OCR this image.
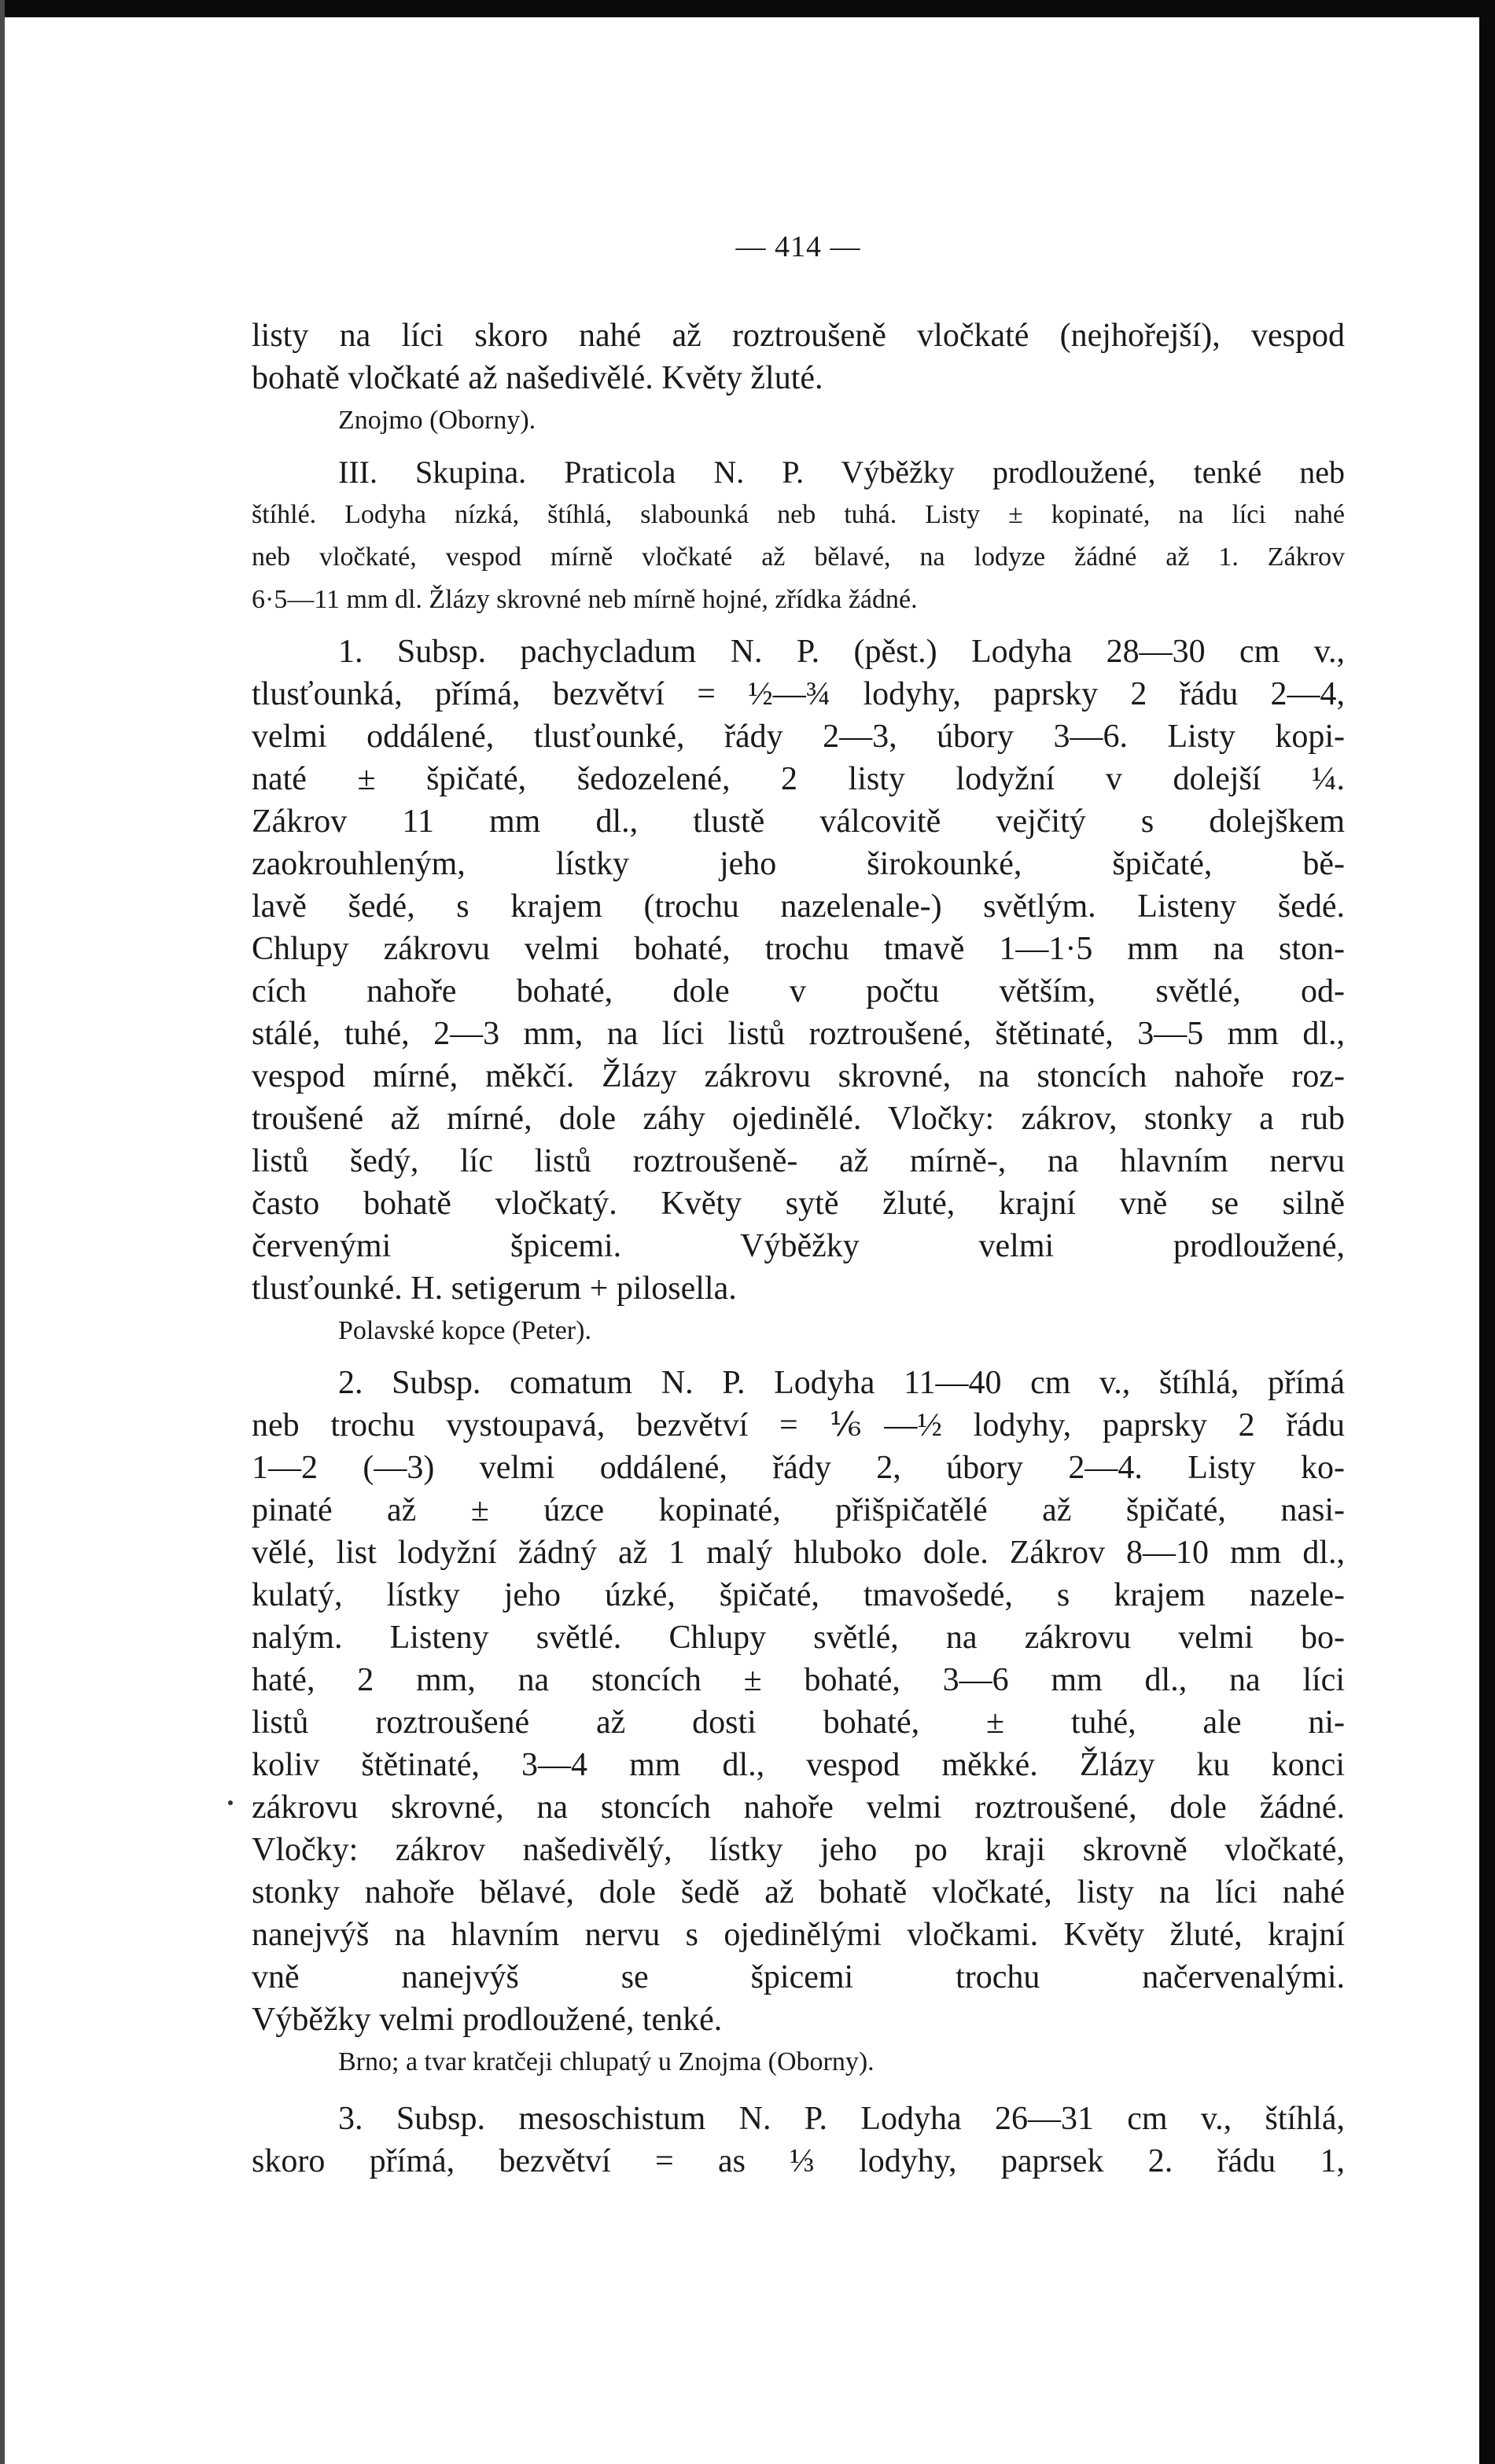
— 414 —
listy na líci skoro nahé až roztroušeně vločkaté (nejhořejší), vespod
bohatě vločkaté až našedivělé. Květy žluté.
Znojmo (Oborny).
III. Skupina. Praticola N. P. Výběžky prodloužené, tenké neb
štíhlé. Lodyha nízká, štíhlá, slabounká neb tuhá. Listy ± kopinaté, na líci nahé
neb vločkaté, vespod mírně vločkaté až bělavé, na lodyze žádné až 1. Zákrov
6·5—11 mm dl. Žlázy skrovné neb mírně hojné, zřídka žádné.
1. Subsp. pachycladum N. P. (pěst.) Lodyha 28—30 cm v.,
tlusťounká, přímá, bezvětví = ½—¾ lodyhy, paprsky 2 řádu 2—4,
velmi oddálené, tlusťounké, řády 2—3, úbory 3—6. Listy kopi-
naté ± špičaté, šedozelené, 2 listy lodyžní v dolejší ¼.
Zákrov 11 mm dl., tlustě válcovitě vejčitý s dolejškem
zaokrouhleným, lístky jeho širokounké, špičaté, bě-
lavě šedé, s krajem (trochu nazelenale-) světlým. Listeny šedé.
Chlupy zákrovu velmi bohaté, trochu tmavě 1—1·5 mm na ston-
cích nahoře bohaté, dole v počtu větším, světlé, od-
stálé, tuhé, 2—3 mm, na líci listů roztroušené, štětinaté, 3—5 mm dl.,
vespod mírné, měkčí. Žlázy zákrovu skrovné, na stoncích nahoře roz-
troušené až mírné, dole záhy ojedinělé. Vločky: zákrov, stonky a rub
listů šedý, líc listů roztroušeně- až mírně-, na hlavním nervu
často bohatě vločkatý. Květy sytě žluté, krajní vně se silně
červenými špicemi. Výběžky velmi prodloužené,
tlusťounké. H. setigerum + pilosella.
Polavské kopce (Peter).
2. Subsp. comatum N. P. Lodyha 11—40 cm v., štíhlá, přímá
neb trochu vystoupavá, bezvětví = ⅙—½ lodyhy, paprsky 2 řádu
1—2 (—3) velmi oddálené, řády 2, úbory 2—4. Listy ko-
pinaté až ± úzce kopinaté, přišpičatělé až špičaté, nasi-
vělé, list lodyžní žádný až 1 malý hluboko dole. Zákrov 8—10 mm dl.,
kulatý, lístky jeho úzké, špičaté, tmavošedé, s krajem nazele-
nalým. Listeny světlé. Chlupy světlé, na zákrovu velmi bo-
haté, 2 mm, na stoncích ± bohaté, 3—6 mm dl., na líci
listů roztroušené až dosti bohaté, ± tuhé, ale ni-
koliv štětinaté, 3—4 mm dl., vespod měkké. Žlázy ku konci
zákrovu skrovné, na stoncích nahoře velmi roztroušené, dole žádné.
Vločky: zákrov našedivělý, lístky jeho po kraji skrovně vločkaté,
stonky nahoře bělavé, dole šedě až bohatě vločkaté, listy na líci nahé
nanejvýš na hlavním nervu s ojedinělými vločkami. Květy žluté, krajní
vně nanejvýš se špicemi trochu načervenalými.
Výběžky velmi prodloužené, tenké.
Brno; a tvar kratčeji chlupatý u Znojma (Oborny).
3. Subsp. mesoschistum N. P. Lodyha 26—31 cm v., štíhlá,
skoro přímá, bezvětví = as ⅓ lodyhy, paprsek 2. řádu 1,
